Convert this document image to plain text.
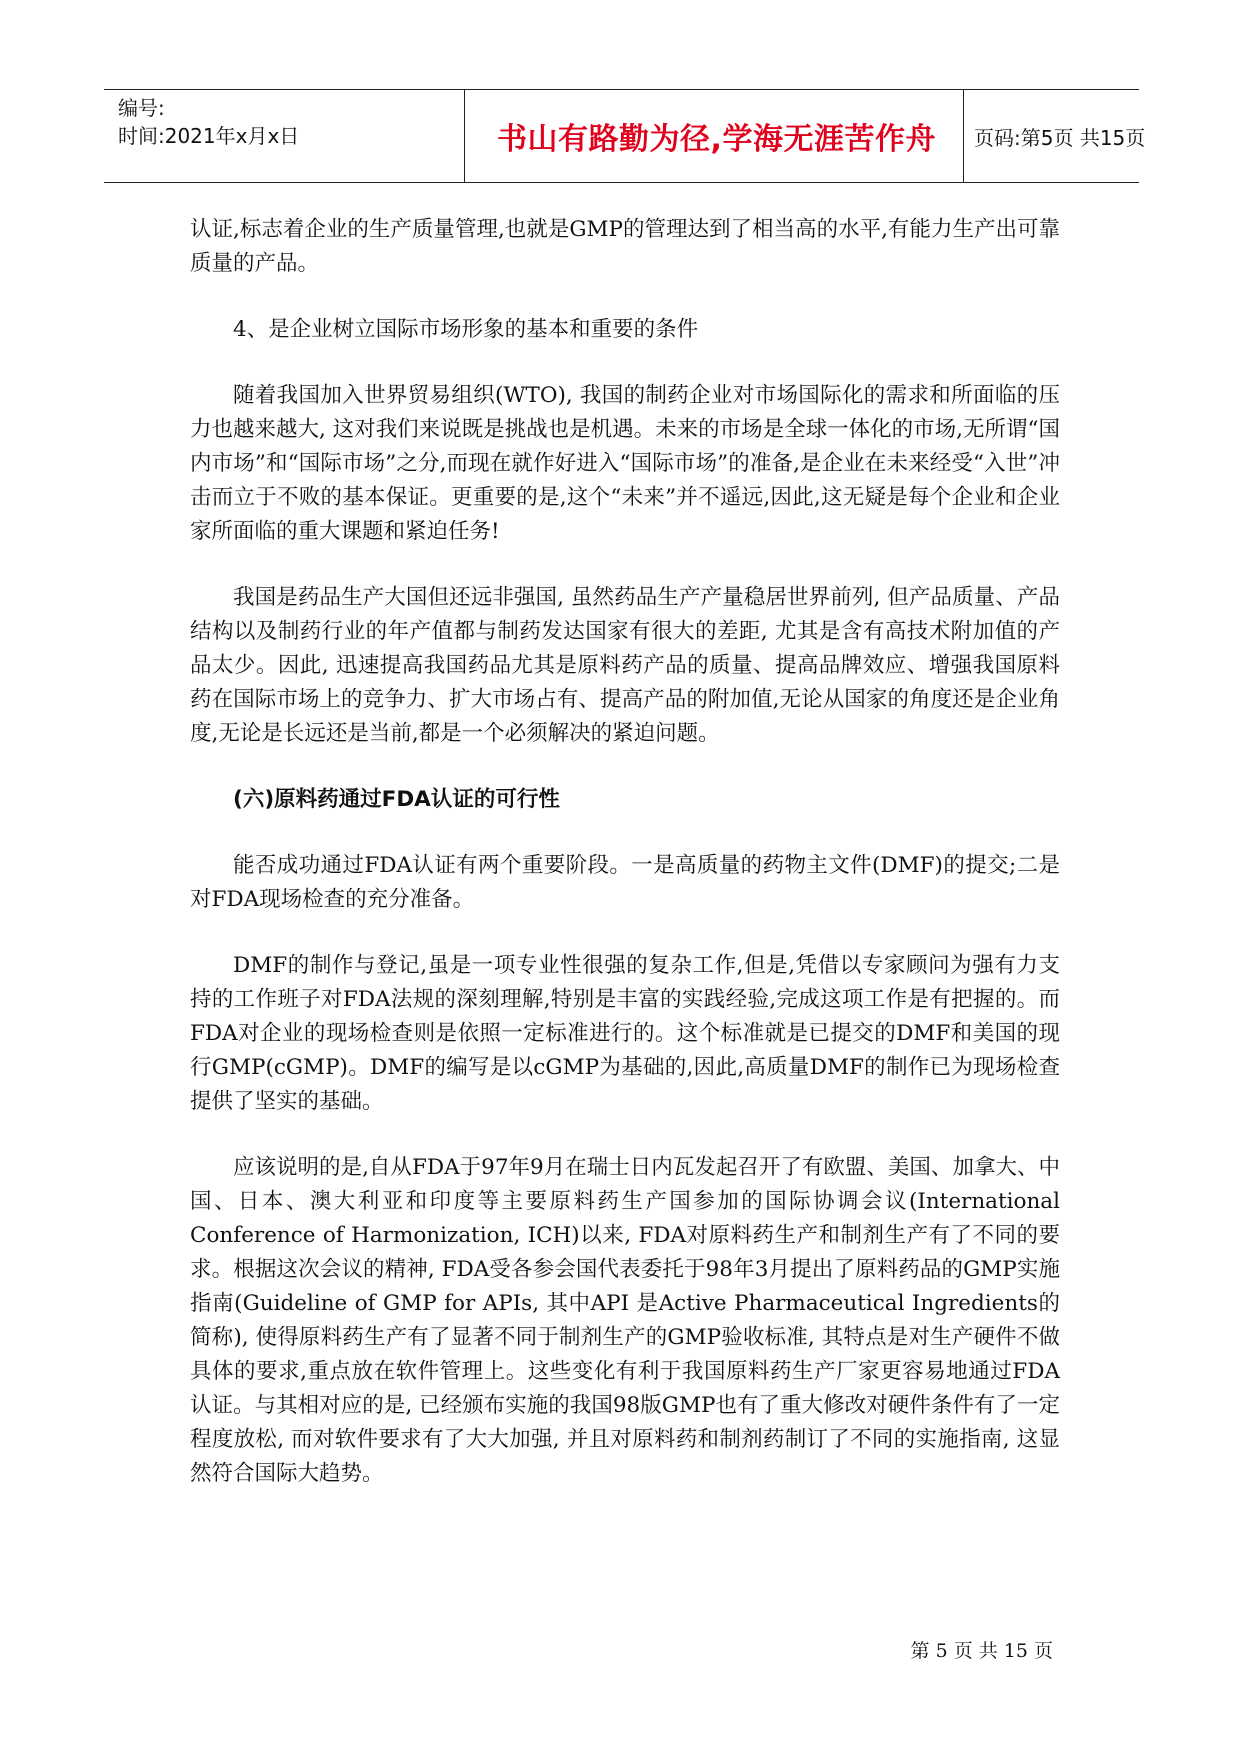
编号:
时间:2021年x月x日	书山有路勤为径,学海无涯苦作舟	页码:第5页 共15页

认证,标志着企业的生产质量管理,也就是GMP的管理达到了相当高的水平,有能力生产出可靠质量的产品。

4、是企业树立国际市场形象的基本和重要的条件

随着我国加入世界贸易组织(WTO), 我国的制药企业对市场国际化的需求和所面临的压力也越来越大, 这对我们来说既是挑战也是机遇。未来的市场是全球一体化的市场,无所谓“国内市场”和“国际市场”之分,而现在就作好进入“国际市场”的准备,是企业在未来经受“入世”冲击而立于不败的基本保证。更重要的是,这个“未来”并不遥远,因此,这无疑是每个企业和企业家所面临的重大课题和紧迫任务!

我国是药品生产大国但还远非强国, 虽然药品生产产量稳居世界前列, 但产品质量、产品结构以及制药行业的年产值都与制药发达国家有很大的差距, 尤其是含有高技术附加值的产品太少。因此, 迅速提高我国药品尤其是原料药产品的质量、提高品牌效应、增强我国原料药在国际市场上的竞争力、扩大市场占有、提高产品的附加值,无论从国家的角度还是企业角度,无论是长远还是当前,都是一个必须解决的紧迫问题。

(六)原料药通过FDA认证的可行性

能否成功通过FDA认证有两个重要阶段。一是高质量的药物主文件(DMF)的提交;二是对FDA现场检查的充分准备。

DMF的制作与登记,虽是一项专业性很强的复杂工作,但是,凭借以专家顾问为强有力支持的工作班子对FDA法规的深刻理解,特别是丰富的实践经验,完成这项工作是有把握的。而FDA对企业的现场检查则是依照一定标准进行的。这个标准就是已提交的DMF和美国的现行GMP(cGMP)。DMF的编写是以cGMP为基础的,因此,高质量DMF的制作已为现场检查提供了坚实的基础。

应该说明的是,自从FDA于97年9月在瑞士日内瓦发起召开了有欧盟、美国、加拿大、中国、日本、澳大利亚和印度等主要原料药生产国参加的国际协调会议(International Conference of Harmonization, ICH)以来, FDA对原料药生产和制剂生产有了不同的要求。根据这次会议的精神, FDA受各参会国代表委托于98年3月提出了原料药品的GMP实施指南(Guideline of GMP for APIs, 其中API 是Active Pharmaceutical Ingredients的简称), 使得原料药生产有了显著不同于制剂生产的GMP验收标准, 其特点是对生产硬件不做具体的要求,重点放在软件管理上。这些变化有利于我国原料药生产厂家更容易地通过FDA认证。与其相对应的是, 已经颁布实施的我国98版GMP也有了重大修改对硬件条件有了一定程度放松, 而对软件要求有了大大加强, 并且对原料药和制剂药制订了不同的实施指南, 这显然符合国际大趋势。

第 5 页 共 15 页
